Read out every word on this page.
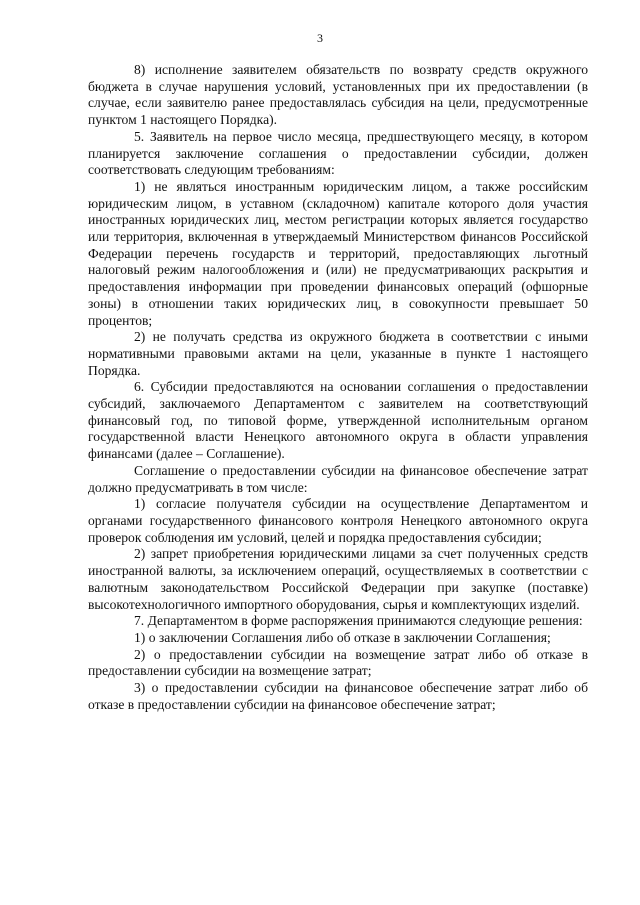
3

8) исполнение заявителем обязательств по возврату средств окружного бюджета в случае нарушения условий, установленных при их предоставлении (в случае, если заявителю ранее предоставлялась субсидия на цели, предусмотренные пунктом 1 настоящего Порядка).

5. Заявитель на первое число месяца, предшествующего месяцу, в котором планируется заключение соглашения о предоставлении субсидии, должен соответствовать следующим требованиям:

1) не являться иностранным юридическим лицом, а также российским юридическим лицом, в уставном (складочном) капитале которого доля участия иностранных юридических лиц, местом регистрации которых является государство или территория, включенная в утверждаемый Министерством финансов Российской Федерации перечень государств и территорий, предоставляющих льготный налоговый режим налогообложения и (или) не предусматривающих раскрытия и предоставления информации при проведении финансовых операций (офшорные зоны) в отношении таких юридических лиц, в совокупности превышает 50 процентов;

2) не получать средства из окружного бюджета в соответствии с иными нормативными правовыми актами на цели, указанные в пункте 1 настоящего Порядка.

6. Субсидии предоставляются на основании соглашения о предоставлении субсидий, заключаемого Департаментом с заявителем на соответствующий финансовый год, по типовой форме, утвержденной исполнительным органом государственной власти Ненецкого автономного округа в области управления финансами (далее – Соглашение).

Соглашение о предоставлении субсидии на финансовое обеспечение затрат должно предусматривать в том числе:

1) согласие получателя субсидии на осуществление Департаментом и органами государственного финансового контроля Ненецкого автономного округа проверок соблюдения им условий, целей и порядка предоставления субсидии;

2) запрет приобретения юридическими лицами за счет полученных средств иностранной валюты, за исключением операций, осуществляемых в соответствии с валютным законодательством Российской Федерации при закупке (поставке) высокотехнологичного импортного оборудования, сырья и комплектующих изделий.

7. Департаментом в форме распоряжения принимаются следующие решения:

1) о заключении Соглашения либо об отказе в заключении Соглашения;

2) о предоставлении субсидии на возмещение затрат либо об отказе в предоставлении субсидии на возмещение затрат;

3) о предоставлении субсидии на финансовое обеспечение затрат либо об отказе в предоставлении субсидии на финансовое обеспечение затрат;
